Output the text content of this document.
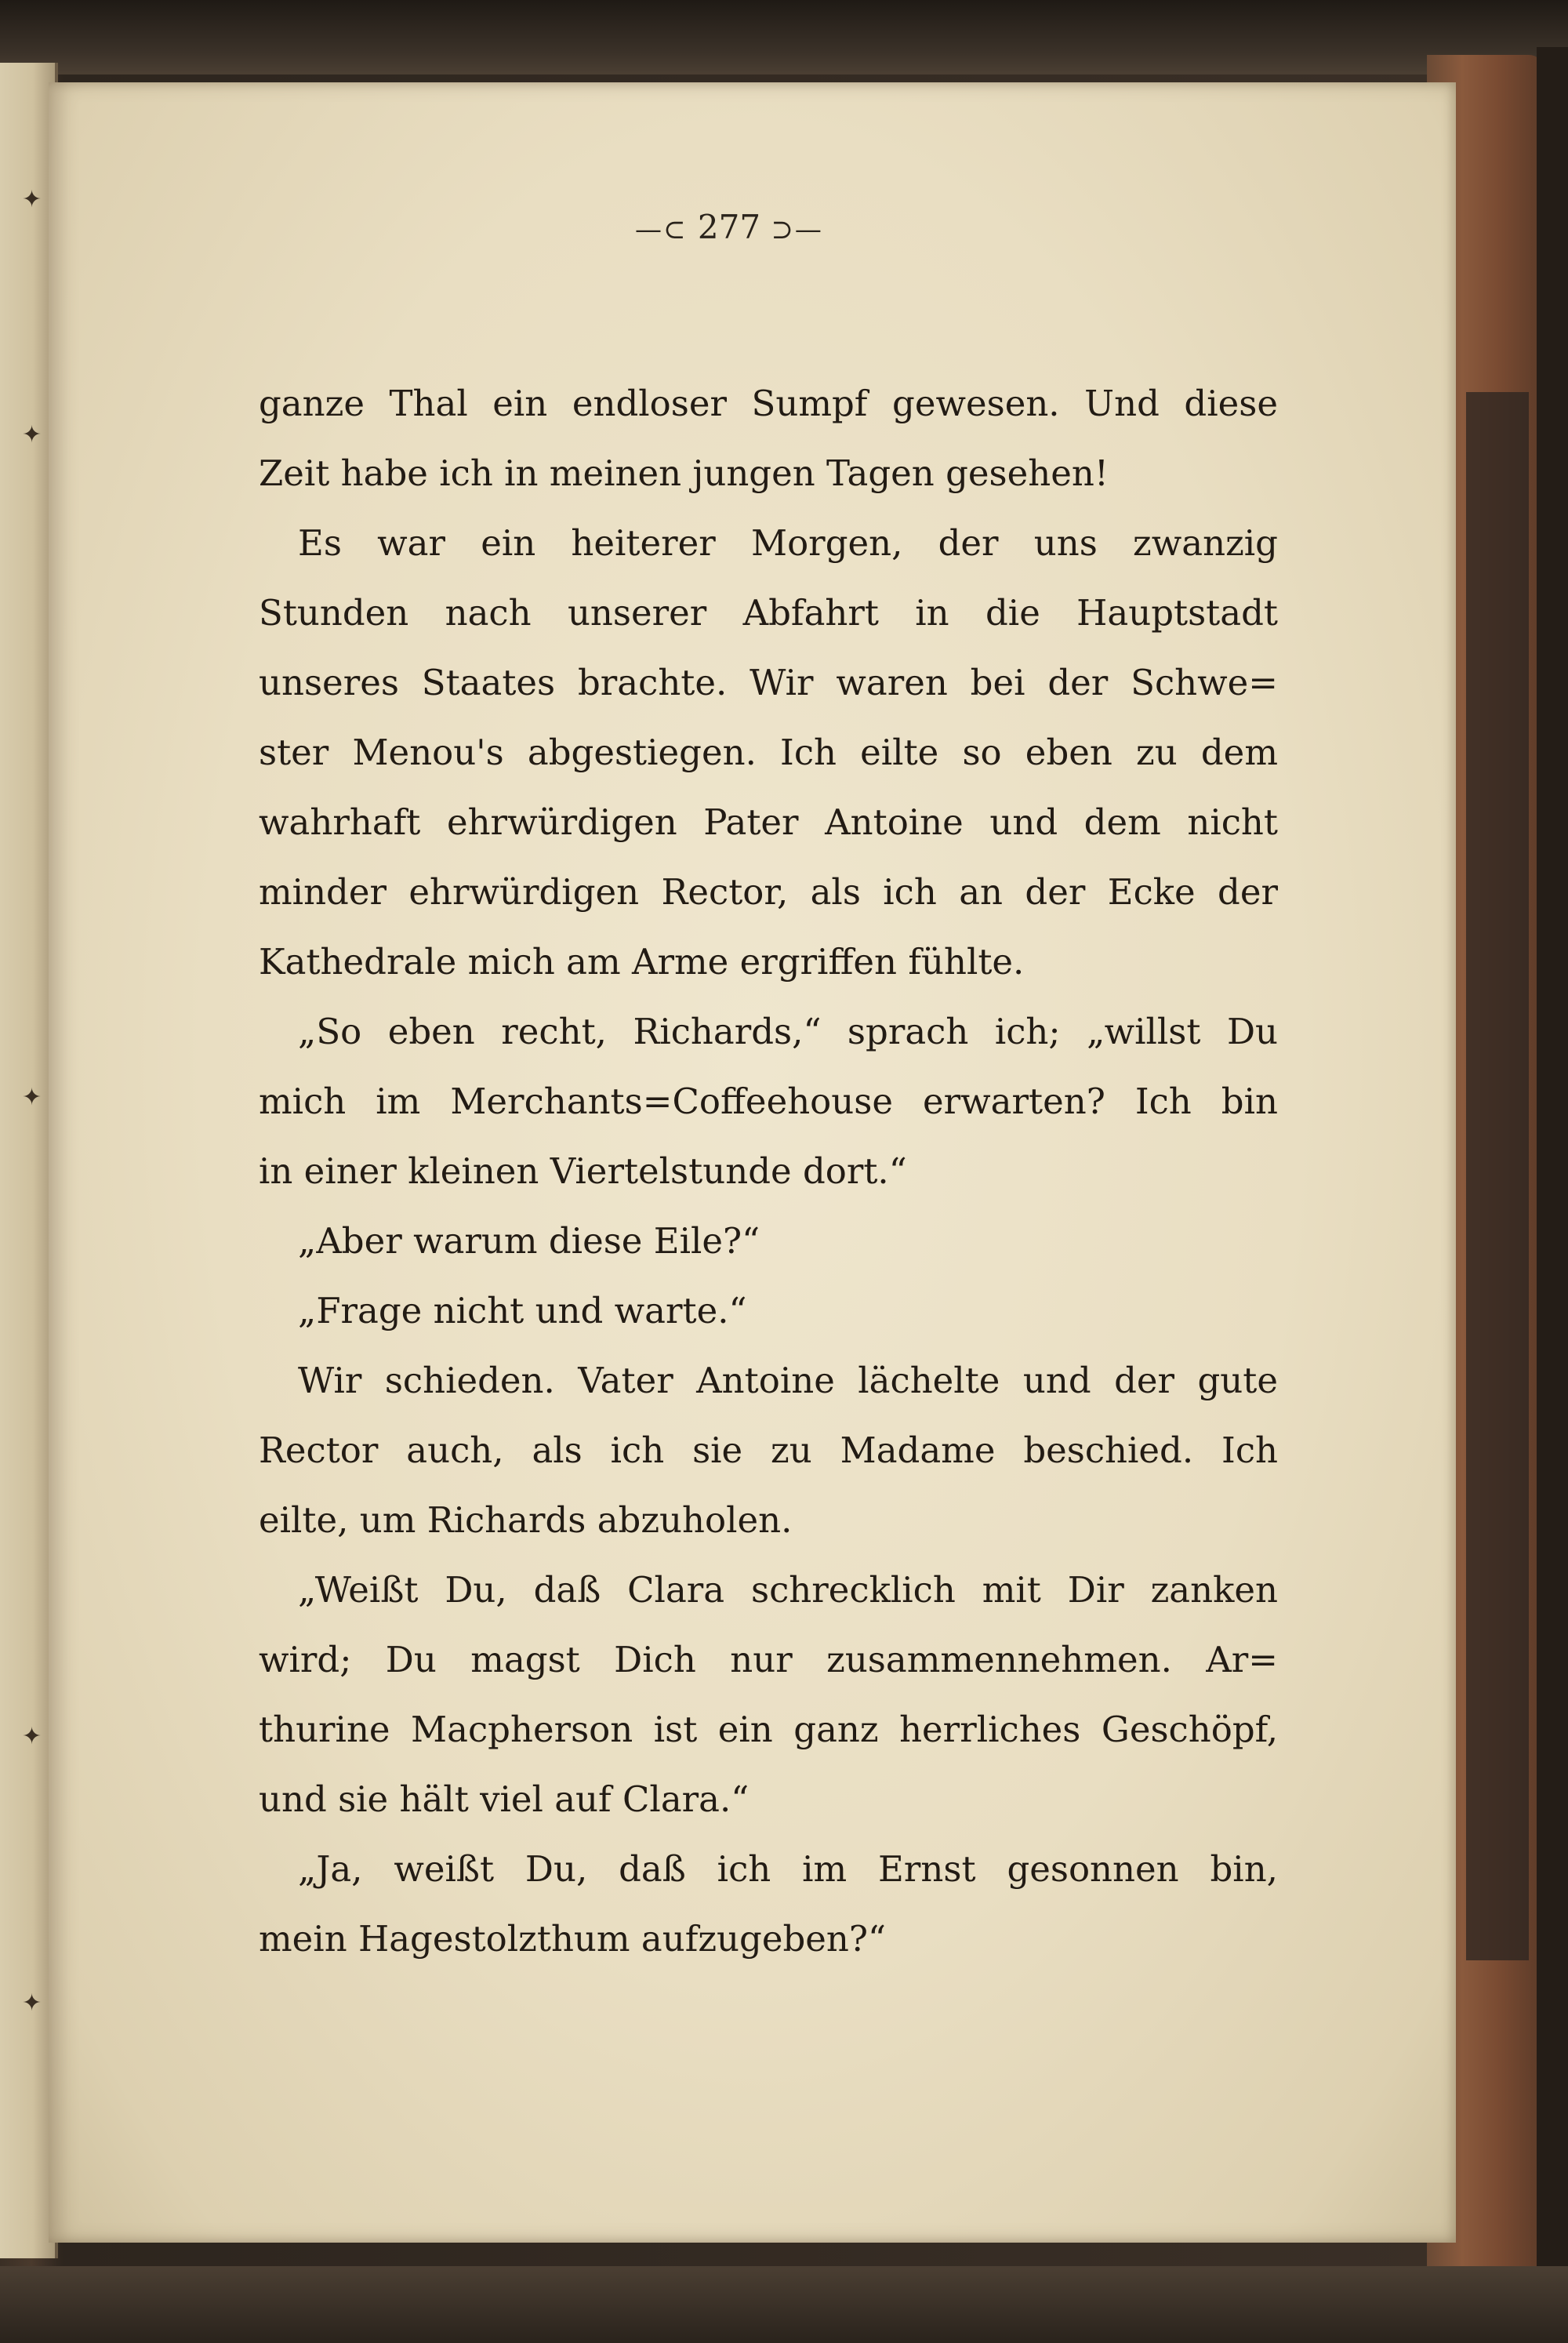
✦
✦
✦
✦
✦
—⊂ 277 ⊃—
ganze Thal ein endloser Sumpf gewesen. Und diese
Zeit habe ich in meinen jungen Tagen gesehen!
Es war ein heiterer Morgen, der uns zwanzig
Stunden nach unserer Abfahrt in die Hauptstadt
unseres Staates brachte. Wir waren bei der Schwe=
ster Menou's abgestiegen. Ich eilte so eben zu dem
wahrhaft ehrwürdigen Pater Antoine und dem nicht
minder ehrwürdigen Rector, als ich an der Ecke der
Kathedrale mich am Arme ergriffen fühlte.
„So eben recht, Richards,“ sprach ich; „willst Du
mich im Merchants=Coffeehouse erwarten? Ich bin
in einer kleinen Viertelstunde dort.“
„Aber warum diese Eile?“
„Frage nicht und warte.“
Wir schieden. Vater Antoine lächelte und der gute
Rector auch, als ich sie zu Madame beschied. Ich
eilte, um Richards abzuholen.
„Weißt Du, daß Clara schrecklich mit Dir zanken
wird; Du magst Dich nur zusammennehmen. Ar=
thurine Macpherson ist ein ganz herrliches Geschöpf,
und sie hält viel auf Clara.“
„Ja, weißt Du, daß ich im Ernst gesonnen bin,
mein Hagestolzthum aufzugeben?“
